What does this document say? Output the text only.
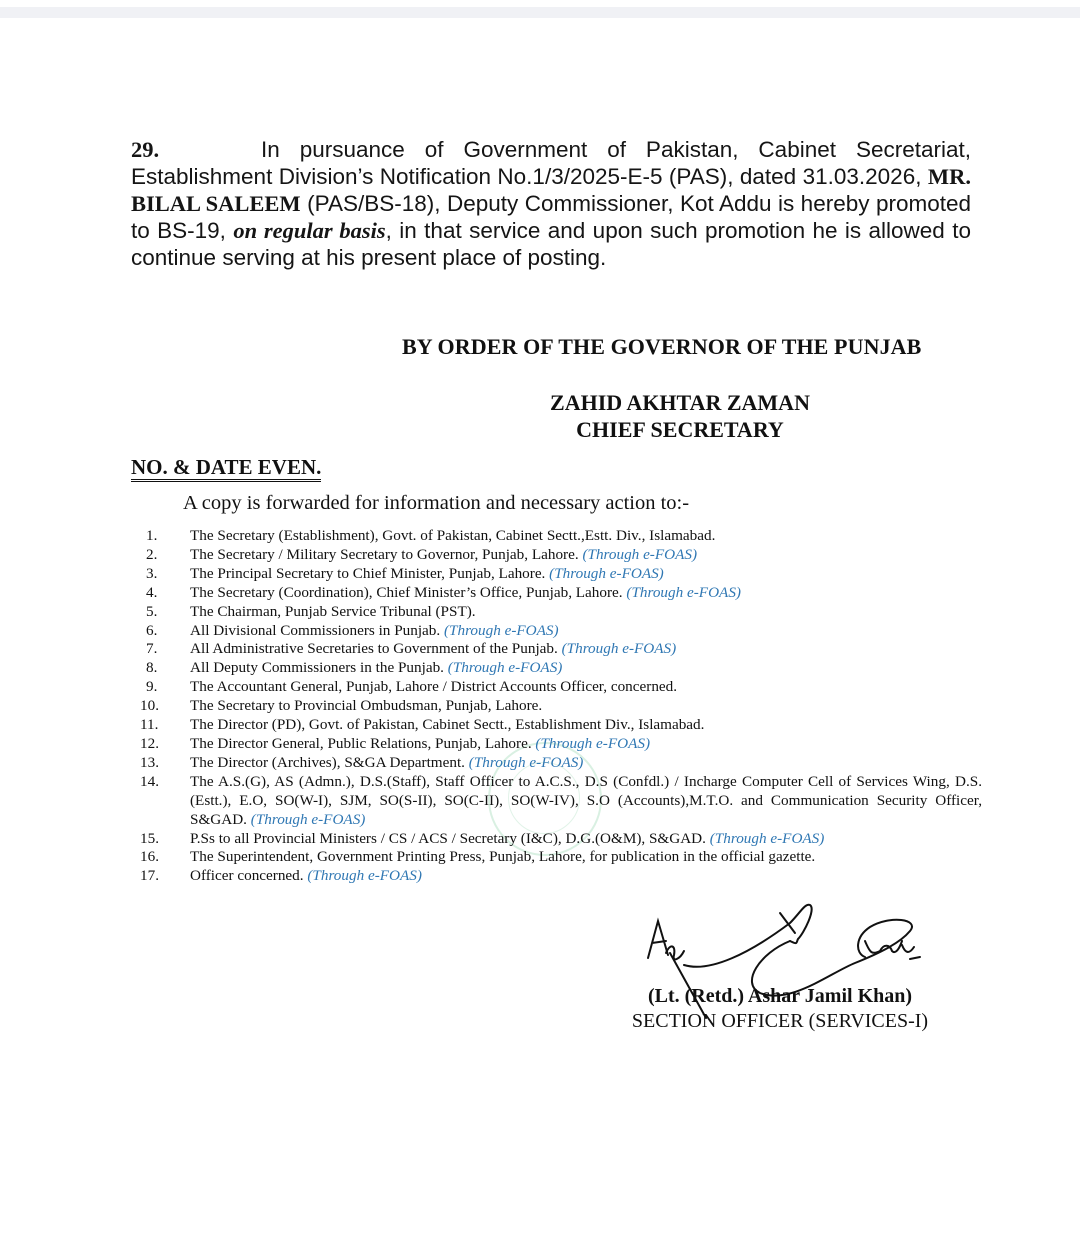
29.	In pursuance of Government of Pakistan, Cabinet Secretariat, Establishment Division’s Notification No.1/3/2025-E-5 (PAS), dated 31.03.2026, MR. BILAL SALEEM (PAS/BS-18), Deputy Commissioner, Kot Addu is hereby promoted to BS-19, on regular basis, in that service and upon such promotion he is allowed to continue serving at his present place of posting.
BY ORDER OF THE GOVERNOR OF THE PUNJAB
ZAHID AKHTAR ZAMAN
CHIEF SECRETARY
NO. & DATE EVEN.
A copy is forwarded for information and necessary action to:-
1.	The Secretary (Establishment), Govt. of Pakistan, Cabinet Sectt.,Estt. Div., Islamabad.
2.	The Secretary / Military Secretary to Governor, Punjab, Lahore. (Through e-FOAS)
3.	The Principal Secretary to Chief Minister, Punjab, Lahore. (Through e-FOAS)
4.	The Secretary (Coordination), Chief Minister’s Office, Punjab, Lahore. (Through e-FOAS)
5.	The Chairman, Punjab Service Tribunal (PST).
6.	All Divisional Commissioners in Punjab. (Through e-FOAS)
7.	All Administrative Secretaries to Government of the Punjab. (Through e-FOAS)
8.	All Deputy Commissioners in the Punjab. (Through e-FOAS)
9.	The Accountant General, Punjab, Lahore / District Accounts Officer, concerned.
10.	The Secretary to Provincial Ombudsman, Punjab, Lahore.
11.	The Director (PD), Govt. of Pakistan, Cabinet Sectt., Establishment Div., Islamabad.
12.	The Director General, Public Relations, Punjab, Lahore. (Through e-FOAS)
13.	The Director (Archives), S&GA Department. (Through e-FOAS)
14.	The A.S.(G), AS (Admn.), D.S.(Staff), Staff Officer to A.C.S., D.S (Confdl.) / Incharge Computer Cell of Services Wing, D.S.(Estt.), E.O, SO(W-I), SJM, SO(S-II), SO(C-II), SO(W-IV), S.O (Accounts),M.T.O. and Communication Security Officer, S&GAD. (Through e-FOAS)
15.	P.Ss to all Provincial Ministers / CS / ACS / Secretary (I&C), D.G.(O&M), S&GAD. (Through e-FOAS)
16.	The Superintendent, Government Printing Press, Punjab, Lahore, for publication in the official gazette.
17.	Officer concerned. (Through e-FOAS)
(Lt. (Retd.) Ashar Jamil Khan)
SECTION OFFICER (SERVICES-I)
